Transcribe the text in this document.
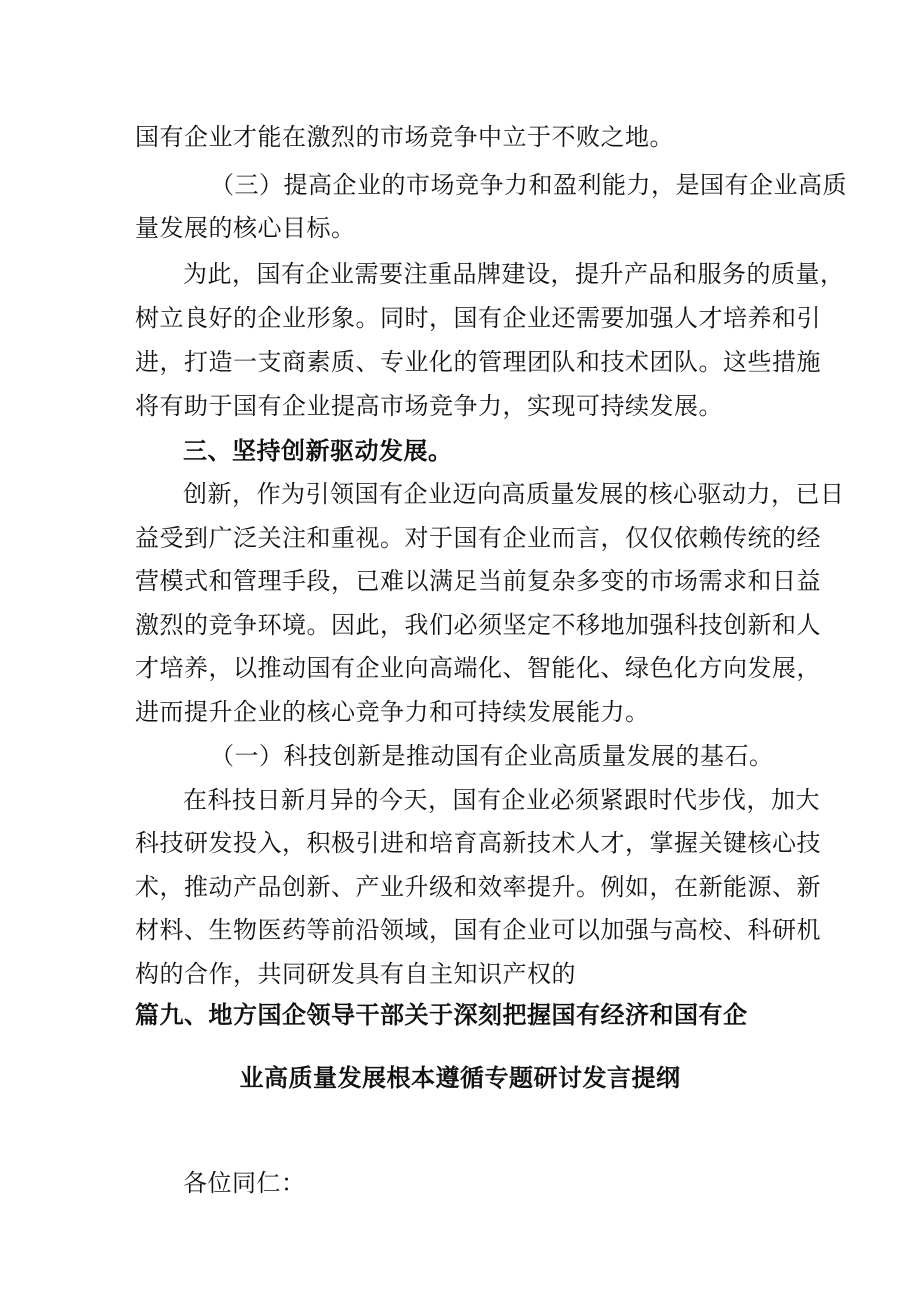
国有企业才能在激烈的市场竞争中立于不败之地。
（三）提高企业的市场竞争力和盈利能力，是国有企业高质
量发展的核心目标。
为此，国有企业需要注重品牌建设，提升产品和服务的质量，
树立良好的企业形象。同时，国有企业还需要加强人才培养和引
进，打造一支商素质、专业化的管理团队和技术团队。这些措施
将有助于国有企业提高市场竞争力，实现可持续发展。
三、坚持创新驱动发展。
创新，作为引领国有企业迈向高质量发展的核心驱动力，已日
益受到广泛关注和重视。对于国有企业而言，仅仅依赖传统的经
营模式和管理手段，已难以满足当前复杂多变的市场需求和日益
激烈的竞争环境。因此，我们必须坚定不移地加强科技创新和人
才培养，以推动国有企业向高端化、智能化、绿色化方向发展，
进而提升企业的核心竞争力和可持续发展能力。
（一）科技创新是推动国有企业高质量发展的基石。
在科技日新月异的今天，国有企业必须紧跟时代步伐，加大
科技研发投入，积极引进和培育高新技术人才，掌握关键核心技
术，推动产品创新、产业升级和效率提升。例如，在新能源、新
材料、生物医药等前沿领域，国有企业可以加强与高校、科研机
构的合作，共同研发具有自主知识产权的
篇九、地方国企领导干部关于深刻把握国有经济和国有企
业高质量发展根本遵循专题研讨发言提纲
各位同仁：
